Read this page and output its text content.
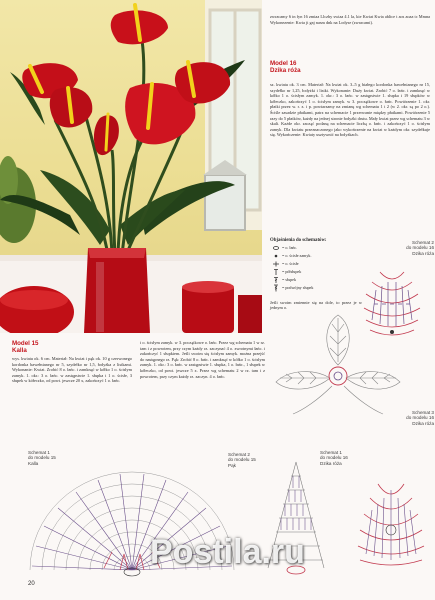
zwracamy 6 in fyn 16 zmiaa Llczby swiaa 4.1 la, kie Kwiat Kwia ablice t aos aoaa tc Mmna Wykonezenie: Kwia ji gaj nasm dnk na Lodyse (zwracami).

Model 16
Dzika róża

sz. kwiatu ok. 3 cm. Materiał: Na kwiat ok. 3–5 g białego kordonka bawełnianego nr 15, szydełko nr 1,25, łodyżki i listki. Wykonanie: Duży kwiat. Zrobić 7 o. łańc. i zamknąć w kółko 1 o. ścisłym zamyk. 1. okr.: 3 o. łańc. w zastępstwie 1. słupka i 19 słupków w kółeczko, zakończyć 1 o. ścisłym zamyk. w 3. początkowe o. łańc. Powtórzenie 1. okr. płatki przez w. r. z. i p. powtarzamy na zmianę wg schematu 1 i 2 (w 2. okr. są po 2 o.). Ściśle zasadzie płatkami, patrz na schemacie 1 przerwanie między płatkami. Powtórzenie 5 razy do 5 płatków, każdy na jednej stronie łodyżki drutu. Mały kwiat przez wg schematu 3 w skali. Każde okr. zacząć podaną na schemacie liczbą o. łańc. i zakończyć 1 o. ścisłym zamyk. Dla kwiatu przeznaczonego jako wykończenie na kwiat w każdym okr. szydełkuje się. Wykończenie: Kwiaty usztywnić na łodyżkach.

Objaśnienia do schematów:
= o. łańc.
= o. ścisłe zamyk.
= o. ścisłe
= półsłupek
= słupek
= podwójny słupek

Jeśli swoim zmiennie się na dole, to przez je w jednym o.

Schemat 2
do modelu 16
Dzika róża
Schemat 3
do modelu 16
Dzika róża
Model 15
Kalla

wys. kwiatu ok. 6 cm. Materiał: Na kwiat i pąk ok. 10 g czerwonego kordonka bawełnianego nr 5, szydełko nr 1,5, łodyżka z listkami. Wykonanie: Kwiat. Zrobić 8 o. łańc. i zamknąć w kółko 1 o. ścisłym zamyk. 1. okr.: 3 o. łańc. w zastępstwie 1. słupka i 1 o. ścisłe, 3 słupek w kółeczko, od powt. jeszcze 20 x, zakończyć 1 o. łańc.

i o. ścisłym zamyk. w 3. początkowe o. łańc. Przez wg schematu 1 w rz. tam i z powrotem, przy czym każdy rz. zaczynać 4 o. zwrotnymi łańc. i zakończyć 1 słupkiem. Jeśli swoim się ścisłym zamyk. można przejść do następnego rz. Pąk: Zrobić 8 o. łańc. i zamknąć w kółko 1 o. ścisłym zamyk. 1. okr.: 3 o. łańc. w zastępstwie 1. słupka, 1 o. łańc., 1 słupek w kółeczko, od powt. jeszcze 5 x. Przez wg schematu 2 w rz. tam i z powrotem, przy czym każdy rz. zaczyn. 4 o. łańc.

Schemat 1
do modelu 15
Kalla
Schemat 2
do modelu 15
Pąk
Schemat 1
do modelu 16
Dzika róża
Postila.ru
20
